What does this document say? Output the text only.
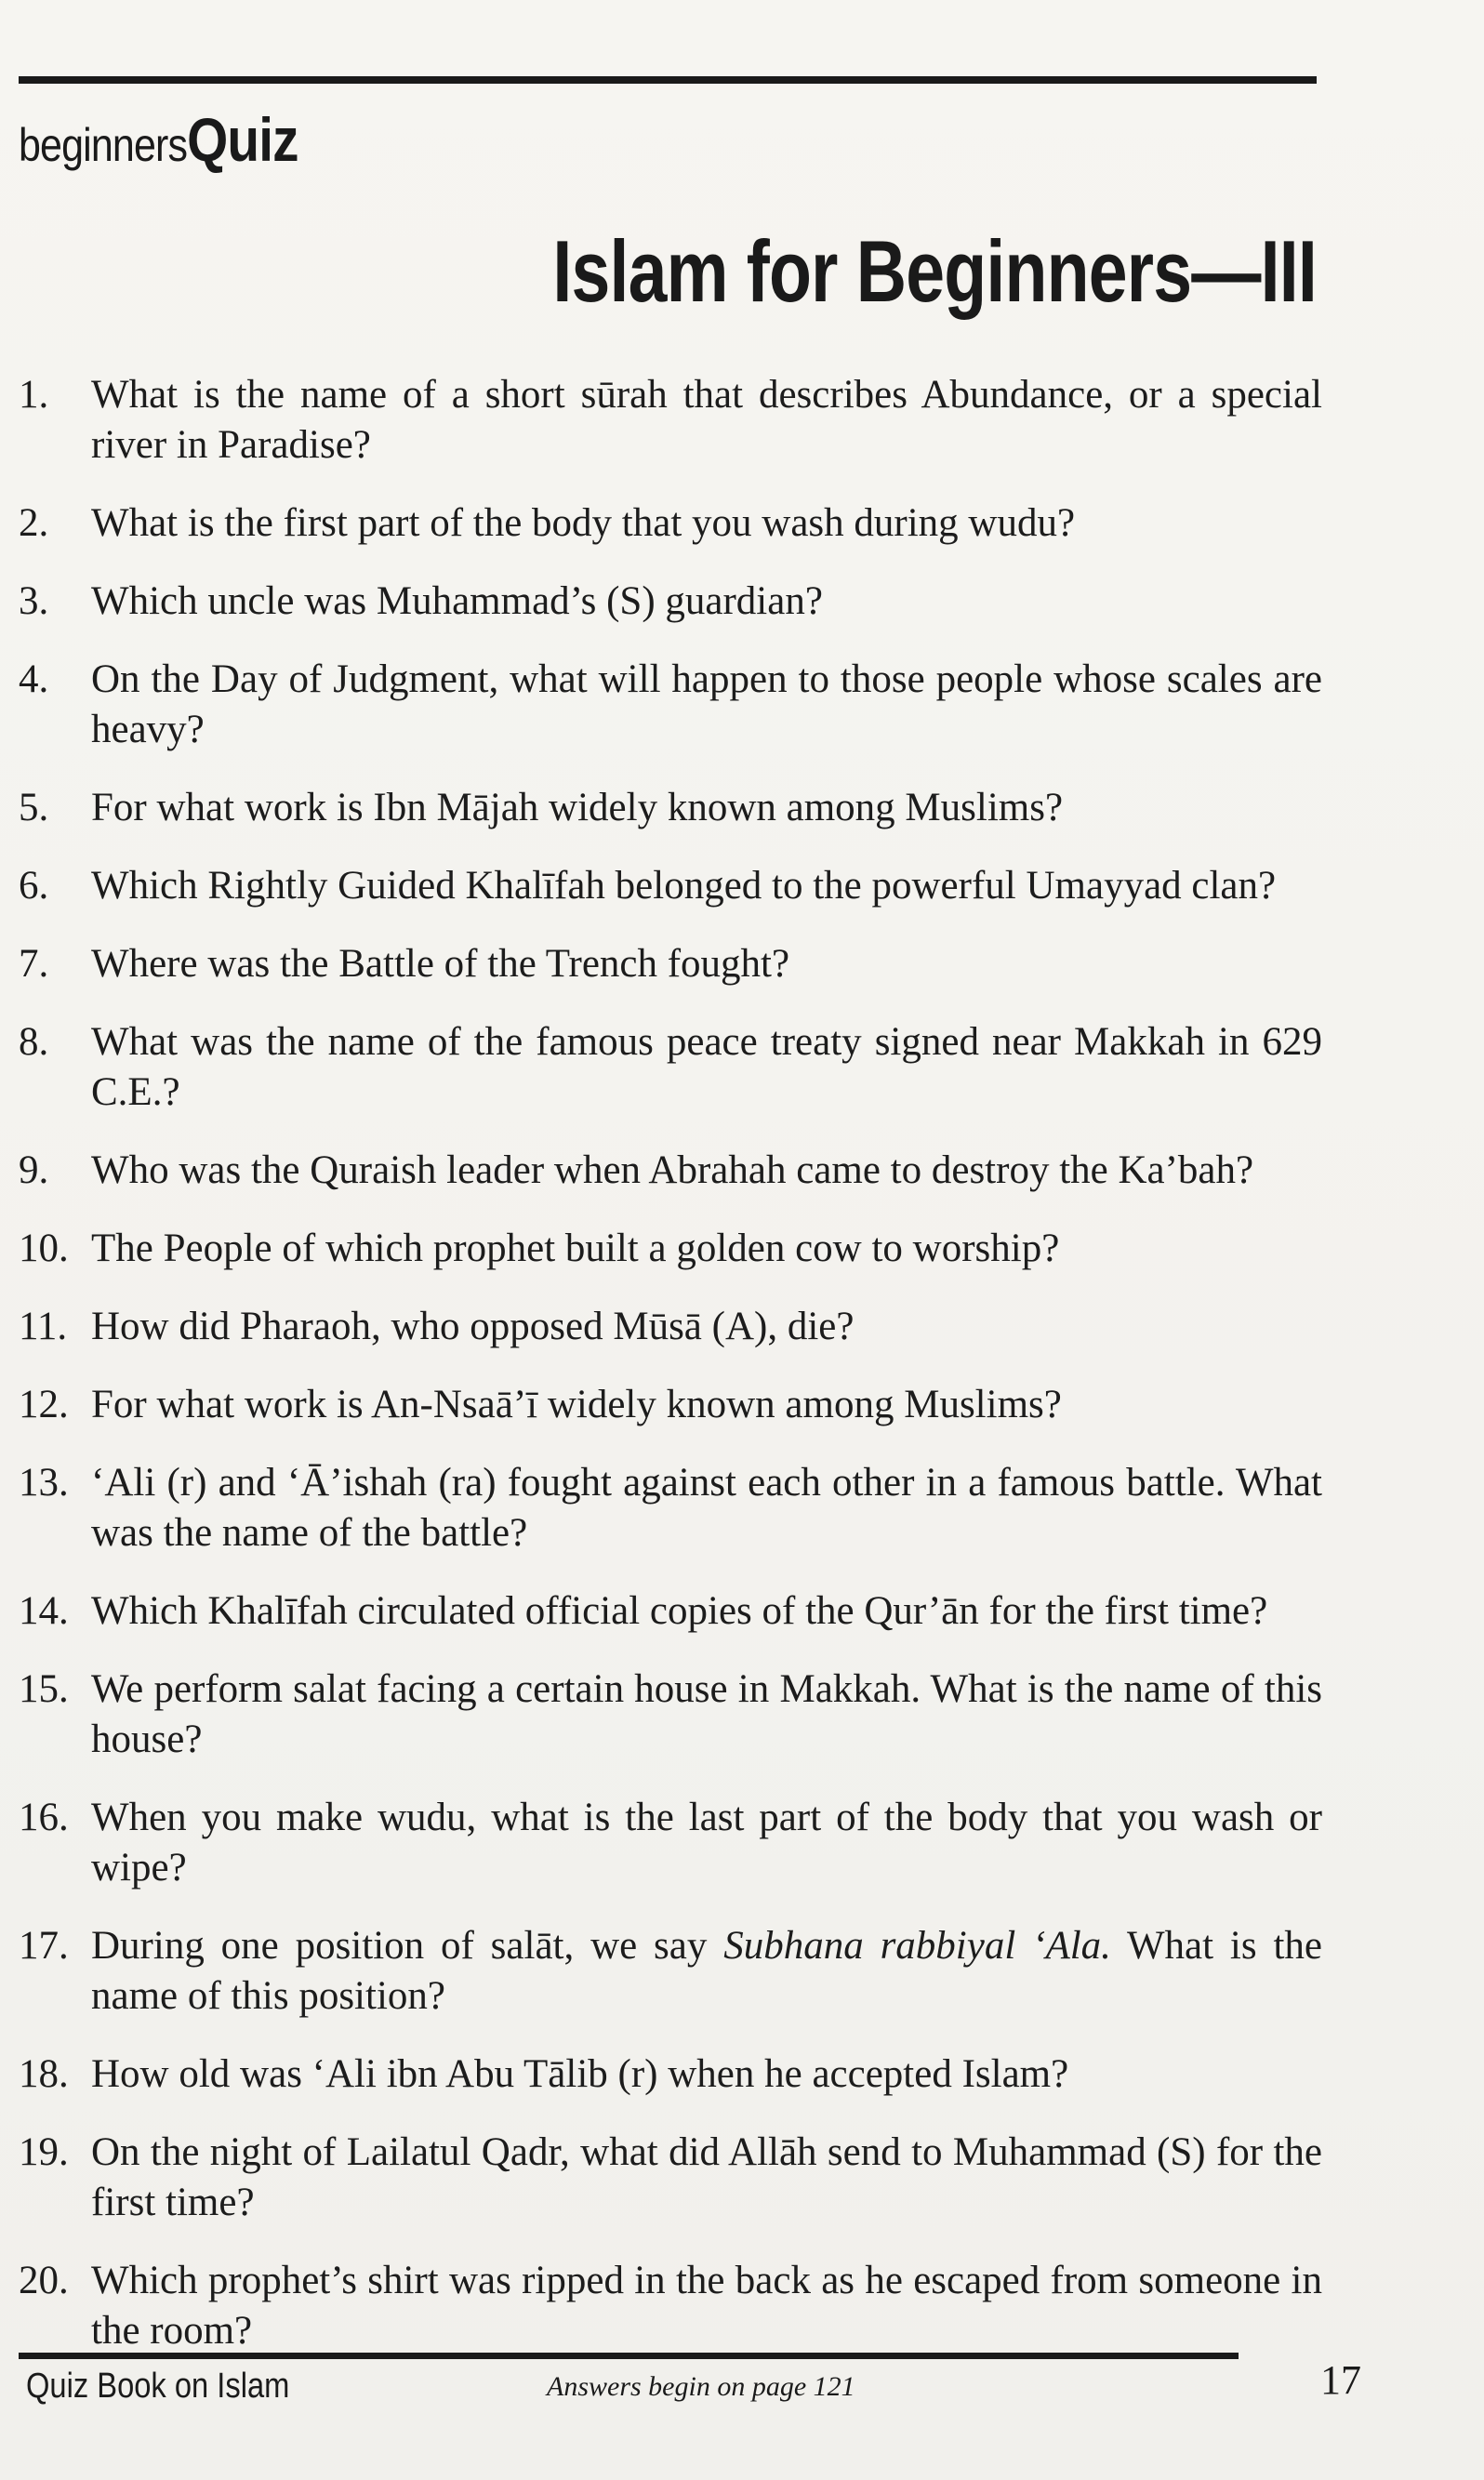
beginnersQuiz
Islam for Beginners—III
1. What is the name of a short sūrah that describes Abundance, or a special river in Paradise?
2. What is the first part of the body that you wash during wudu?
3. Which uncle was Muhammad’s (S) guardian?
4. On the Day of Judgment, what will happen to those people whose scales are heavy?
5. For what work is Ibn Mājah widely known among Muslims?
6. Which Rightly Guided Khalīfah belonged to the powerful Umayyad clan?
7. Where was the Battle of the Trench fought?
8. What was the name of the famous peace treaty signed near Makkah in 629 C.E.?
9. Who was the Quraish leader when Abrahah came to destroy the Ka’bah?
10. The People of which prophet built a golden cow to worship?
11. How did Pharaoh, who opposed Mūsā (A), die?
12. For what work is An-Nsaā’ī widely known among Muslims?
13. ‘Ali (r) and ‘Ā’ishah (ra) fought against each other in a famous battle. What was the name of the battle?
14. Which Khalīfah circulated official copies of the Qur’ān for the first time?
15. We perform salat facing a certain house in Makkah. What is the name of this house?
16. When you make wudu, what is the last part of the body that you wash or wipe?
17. During one position of salāt, we say Subhana rabbiyal ‘Ala. What is the name of this position?
18. How old was ‘Ali ibn Abu Tālib (r) when he accepted Islam?
19. On the night of Lailatul Qadr, what did Allāh send to Muhammad (S) for the first time?
20. Which prophet’s shirt was ripped in the back as he escaped from someone in the room?
Quiz Book on Islam	Answers begin on page 121	17
